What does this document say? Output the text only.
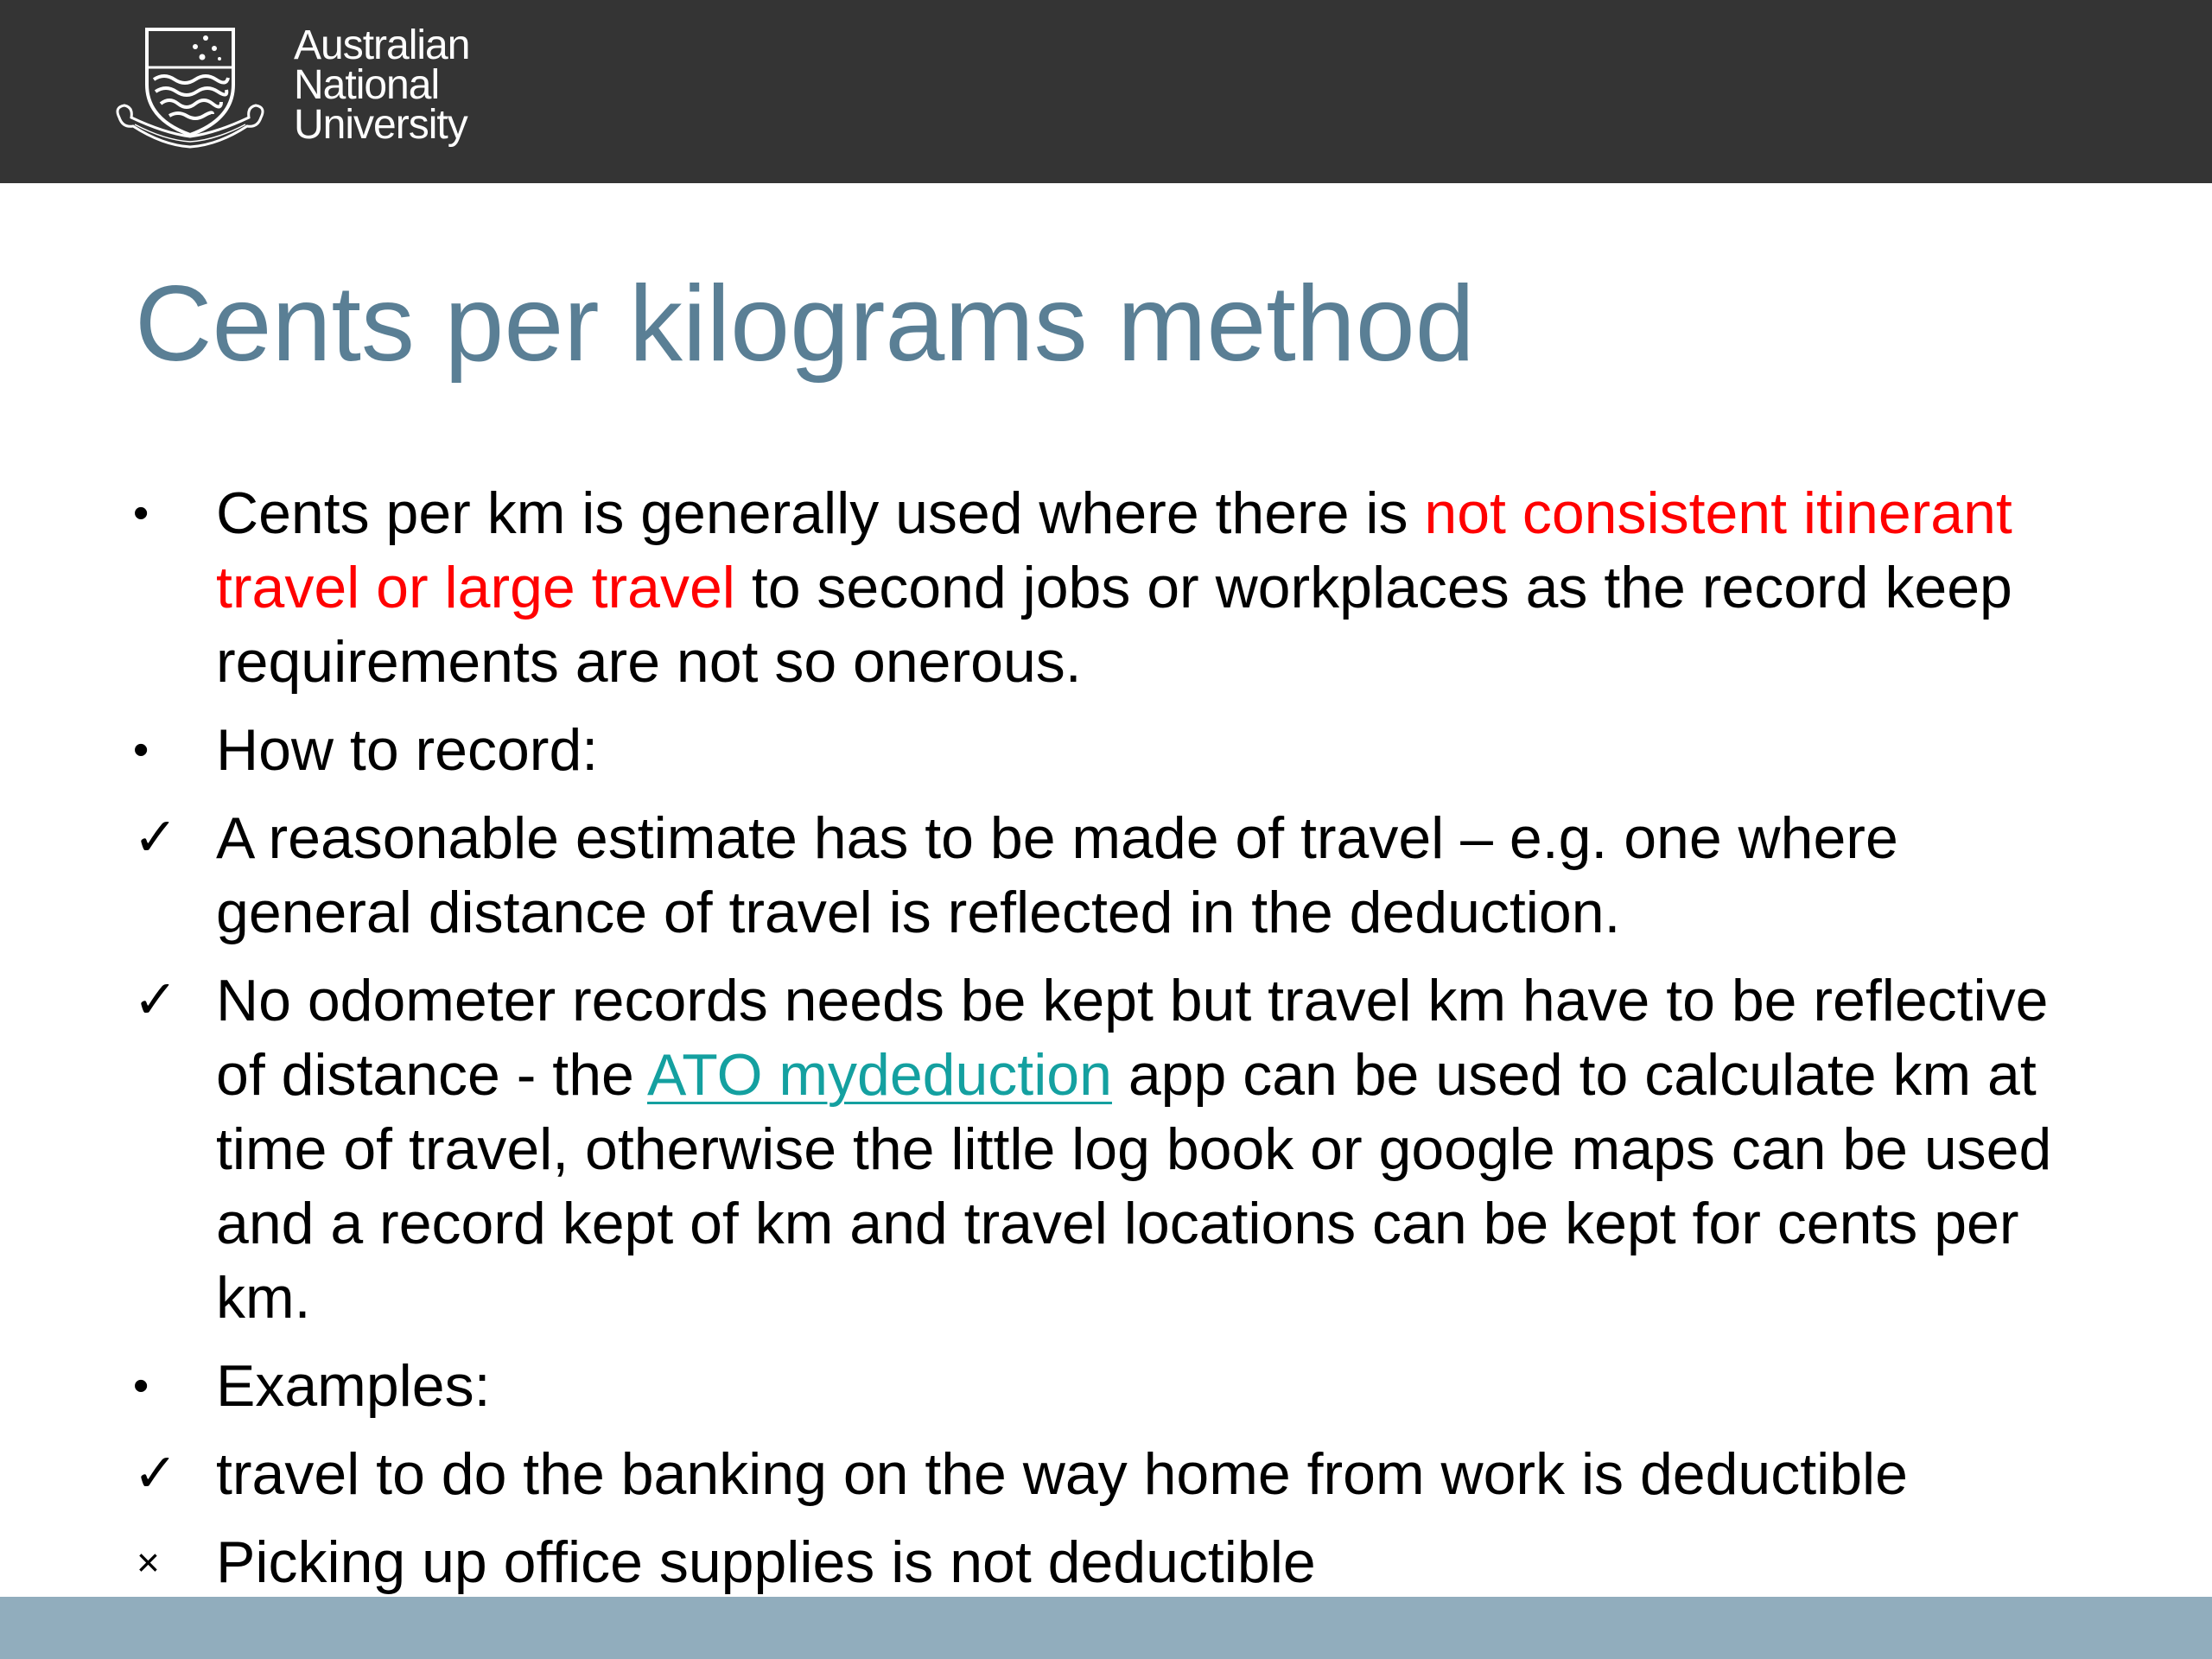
Australian
National
University
Cents per kilograms method
•	Cents per km is generally used where there is not consistent itinerant travel or large travel to second jobs or workplaces as the record keep requirements are not so onerous.
•	How to record:
✓ A reasonable estimate has to be made of travel – e.g. one where general distance of travel is reflected in the deduction.
✓ No odometer records needs be kept but travel km have to be reflective of distance - the ATO mydeduction app can be used to calculate km at time of travel, otherwise the little log book or google maps can be used and a record kept of km and travel locations can be kept for cents per km.
•	Examples:
✓ travel to do the banking on the way home from work is deductible
× Picking up office supplies is not deductible
